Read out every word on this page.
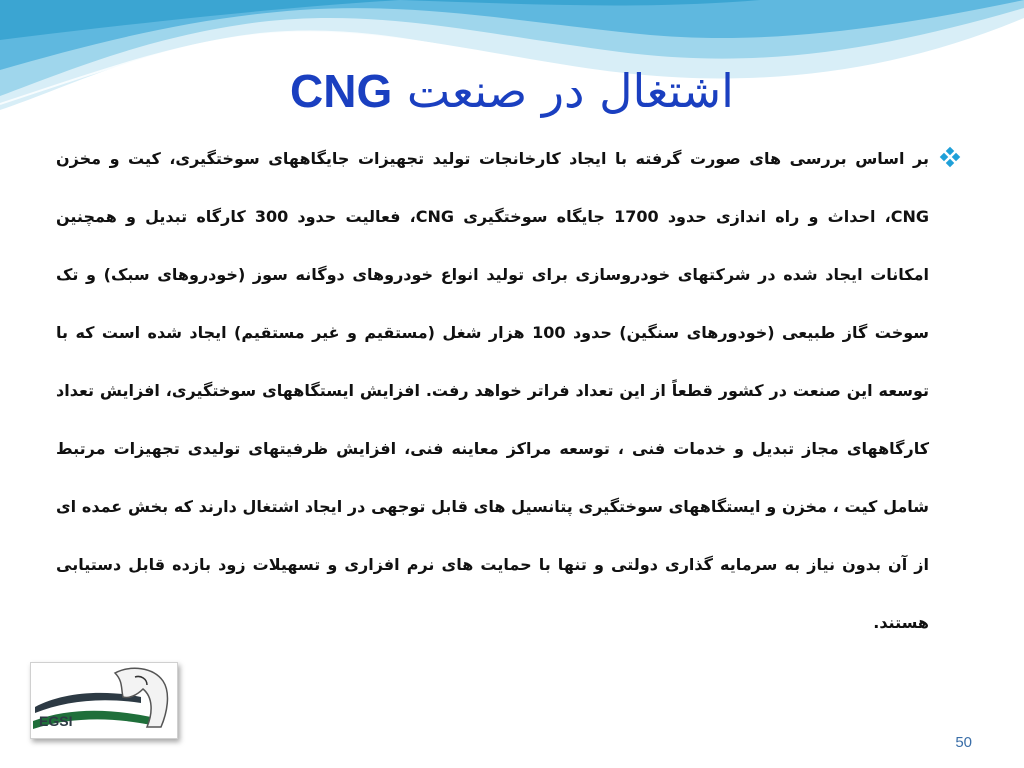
اشتغال در صنعت CNG

بر اساس بررسی های صورت گرفته با ایجاد کارخانجات تولید تجهیزات جایگاههای سوختگیری، کیت و مخزن CNG، احداث و راه اندازی حدود 1700 جایگاه سوختگیری CNG، فعالیت حدود 300 کارگاه تبدیل و همچنین امکانات ایجاد شده در شرکتهای خودروسازی برای تولید انواع خودروهای دوگانه سوز (خودروهای سبک) و تک سوخت گاز طبیعی (خودورهای سنگین) حدود 100 هزار شغل (مستقیم و غیر مستقیم) ایجاد شده است که با توسعه این صنعت در کشور قطعاً از این تعداد فراتر خواهد رفت. افزایش ایستگاههای سوختگیری، افزایش تعداد کارگاههای مجاز تبدیل و خدمات فنی ، توسعه مراکز معاینه فنی، افزایش ظرفیتهای تولیدی تجهیزات مرتبط شامل کیت ، مخزن و ایستگاههای سوختگیری پتانسیل های قابل توجهی در ایجاد اشتغال دارند که بخش عمده ای از آن بدون نیاز به سرمایه گذاری دولتی و تنها با حمایت های نرم افزاری و تسهیلات زود بازده قابل دستیابی هستند.

EGSI
50
